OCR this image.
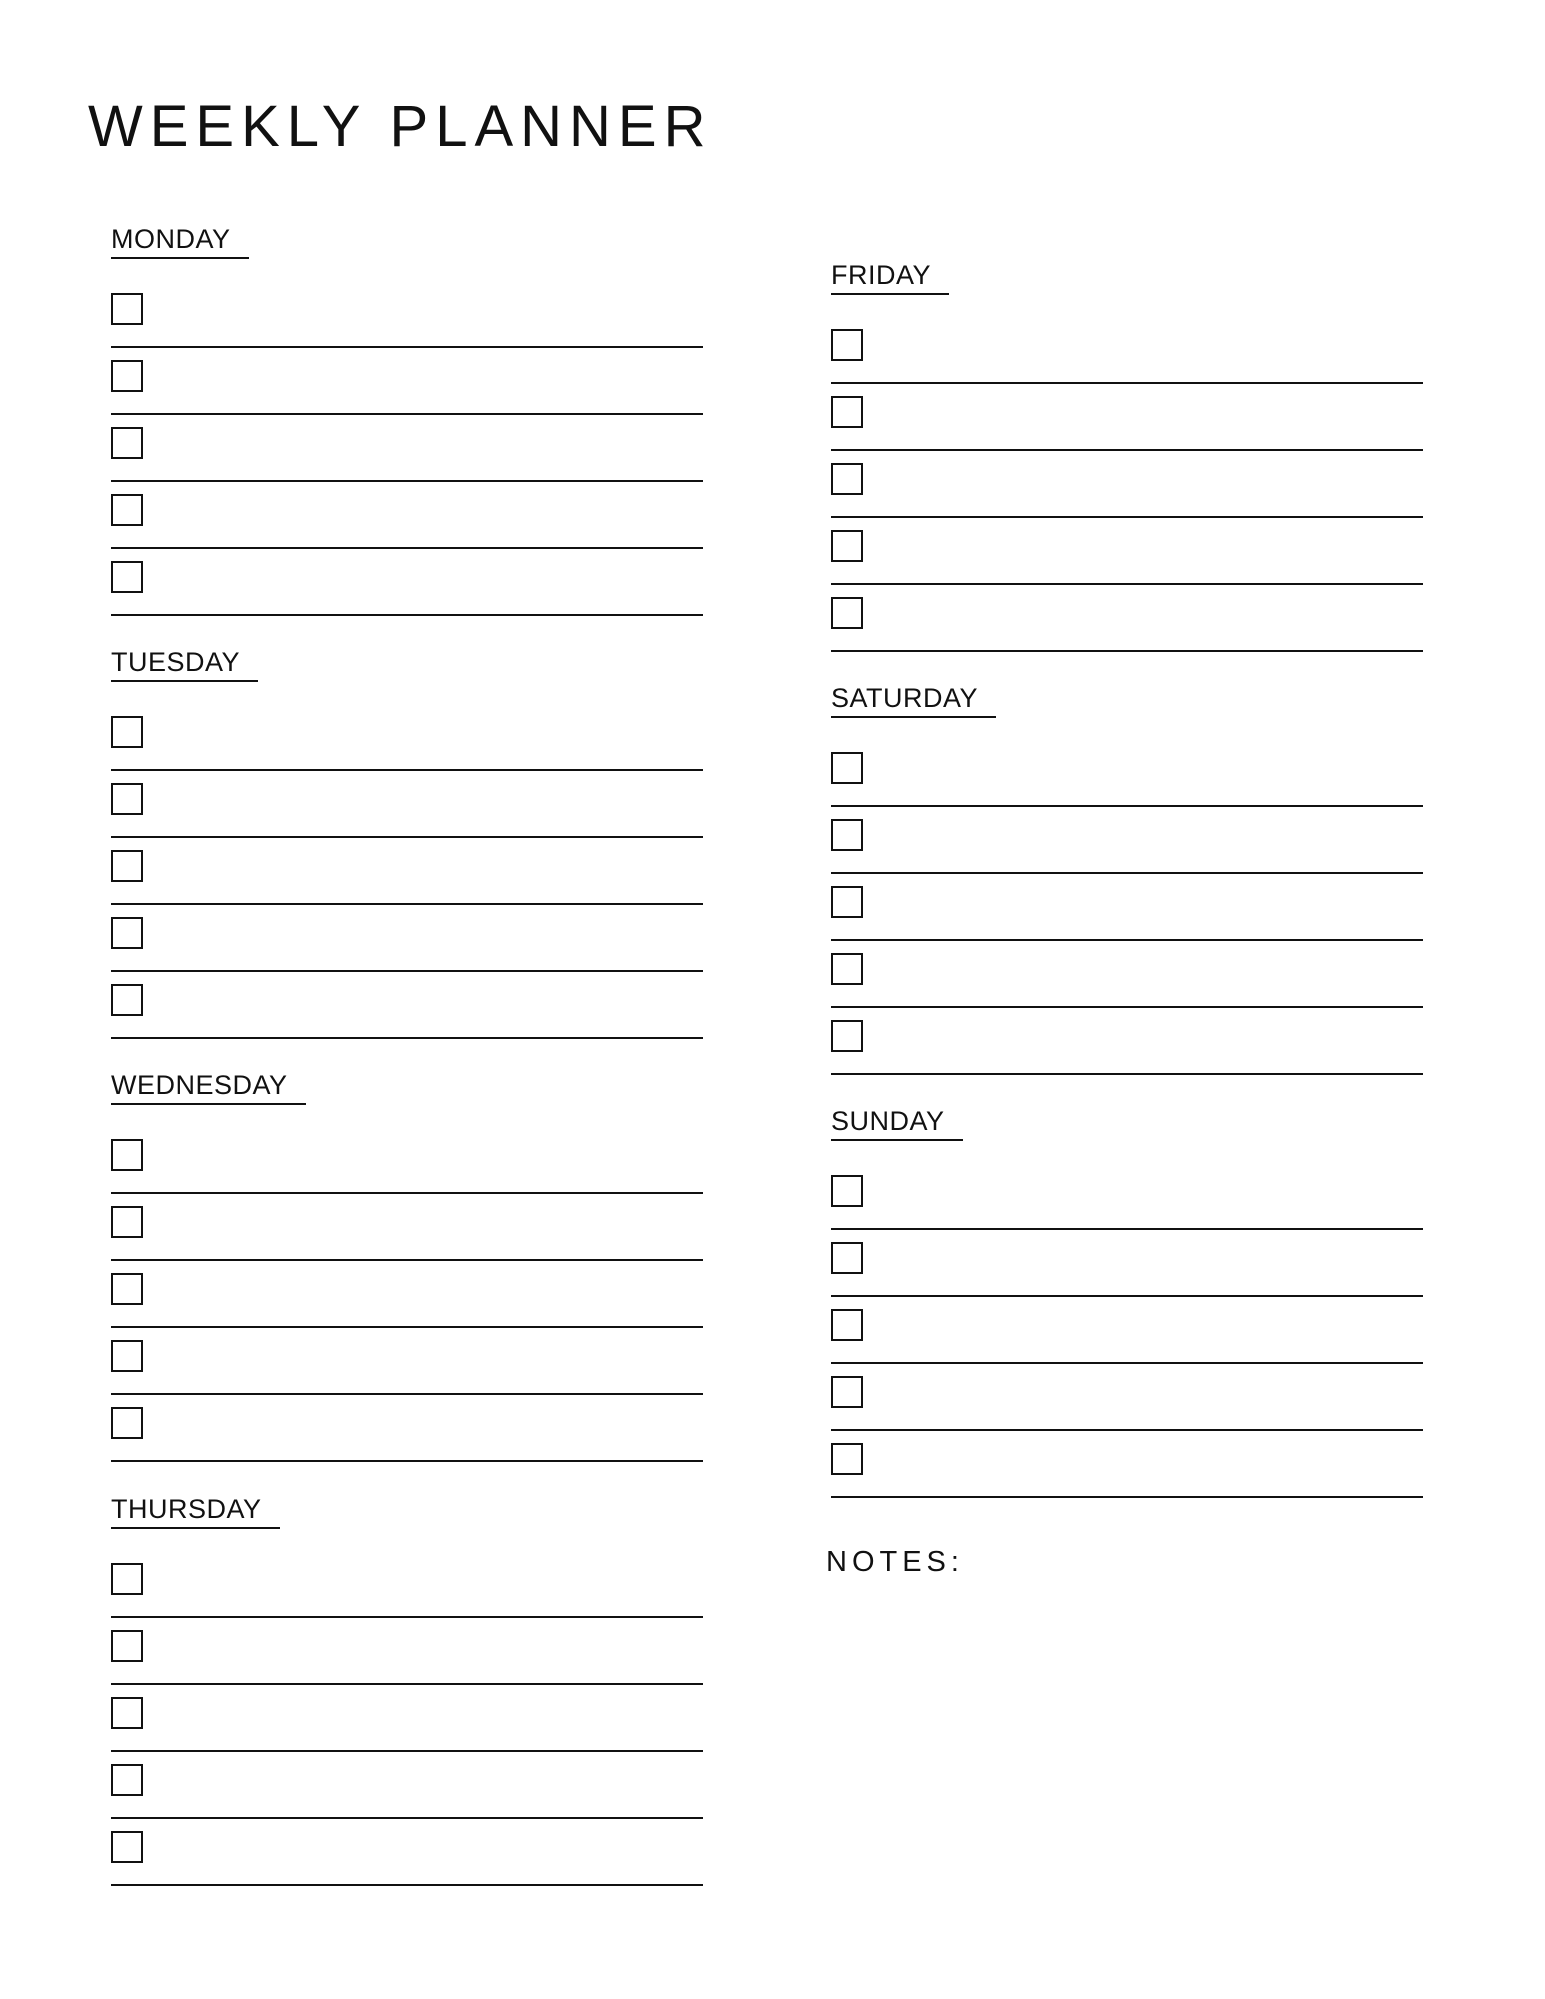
WEEKLY PLANNER
MONDAY
TUESDAY
WEDNESDAY
THURSDAY
FRIDAY
SATURDAY
SUNDAY
NOTES:
